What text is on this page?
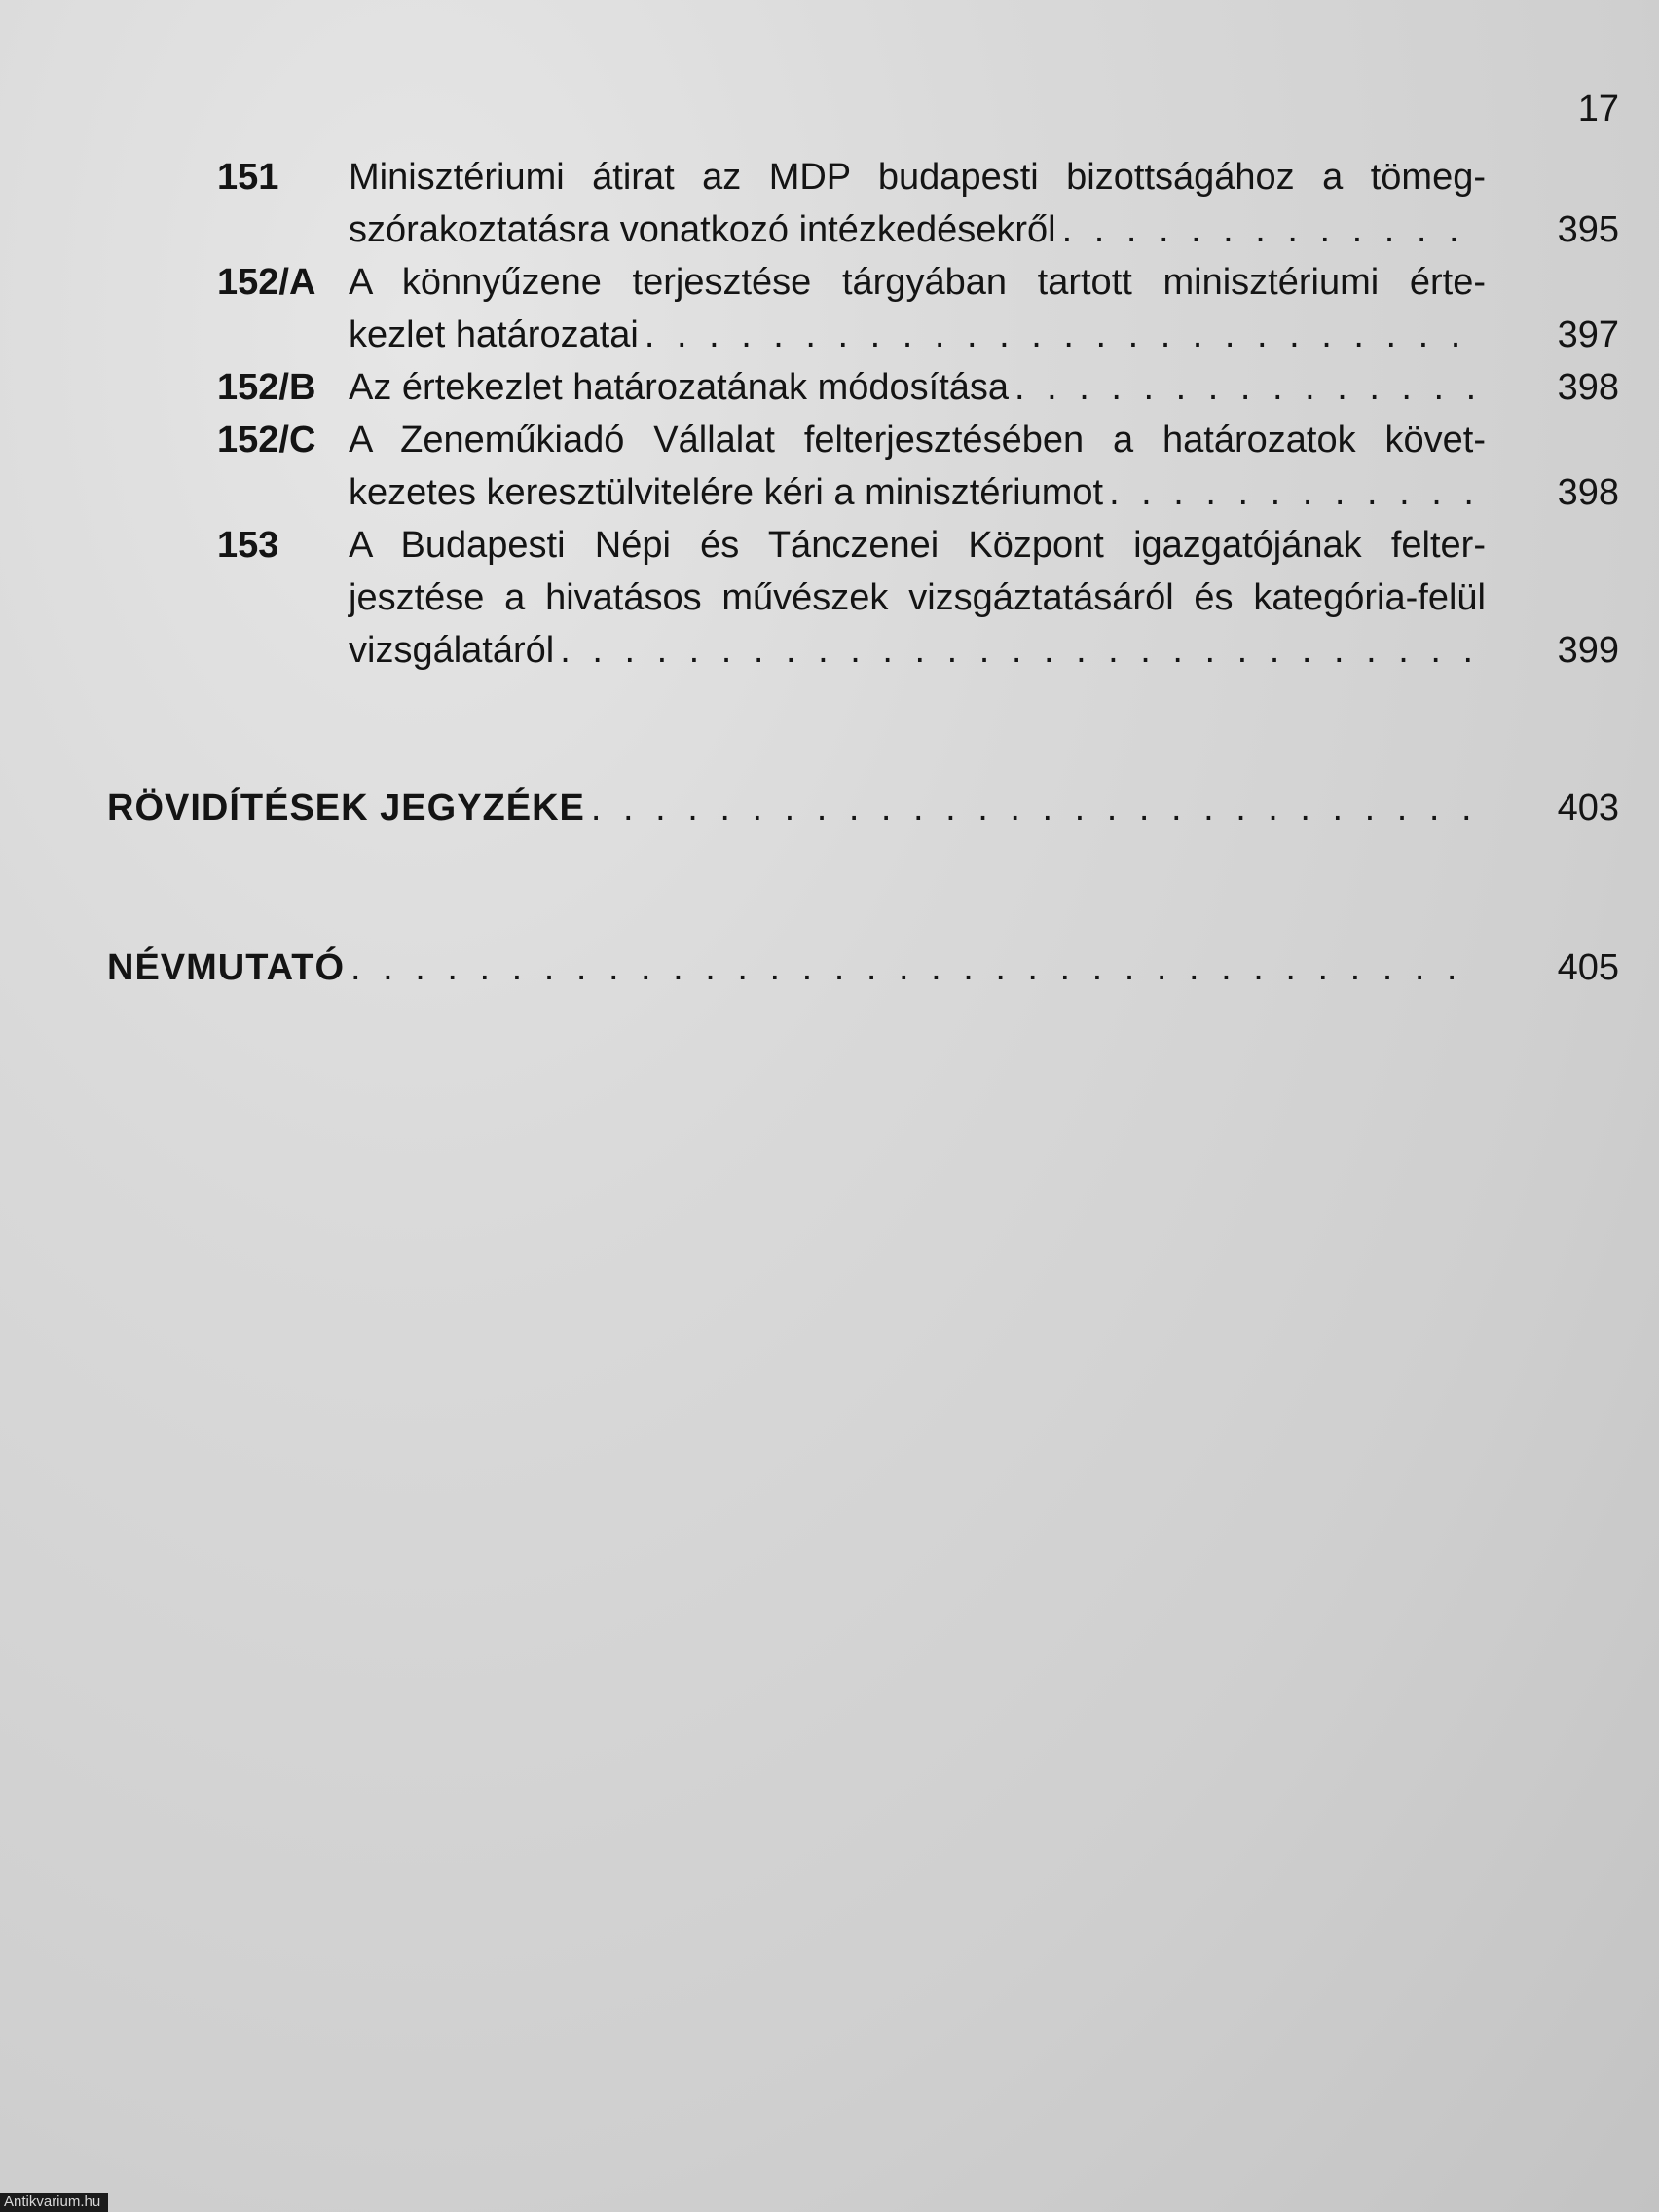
17
151 Minisztériumi átirat az MDP budapesti bizottságához a tömeg-
szórakoztatásra vonatkozó intézkedésekről . . .	395
152/A A könnyűzene terjesztése tárgyában tartott minisztériumi érte-
kezlet határozatai . . .	397
152/B Az értekezlet határozatának módosítása . . .	398
152/C A Zeneműkiadó Vállalat felterjesztésében a határozatok követ-
kezetes keresztülvitelére kéri a minisztériumot . . .	398
153 A Budapesti Népi és Tánczenei Központ igazgatójának felter-
jesztése a hivatásos művészek vizsgáztatásáról és kategória-felül
vizsgálatáról . . .	399
RÖVIDÍTÉSEK JEGYZÉKE . . .	403
NÉVMUTATÓ . . .	405
Antikvarium.hu
